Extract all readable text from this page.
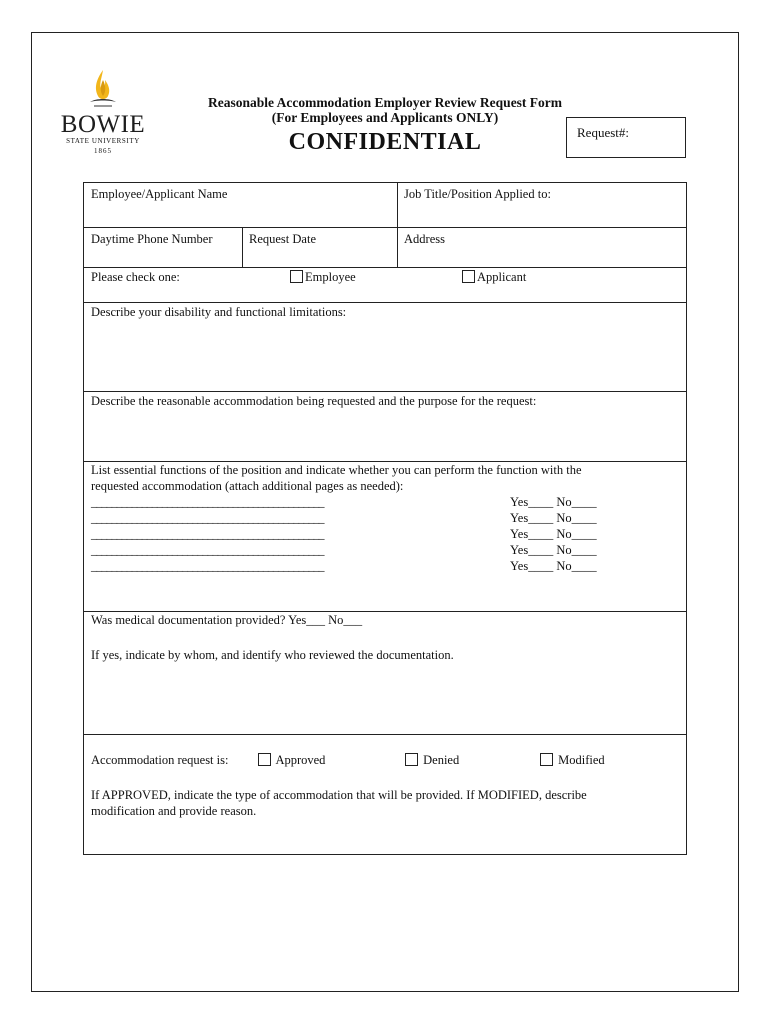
BOWIE
STATE UNIVERSITY
1865
Reasonable Accommodation Employer Review Request Form
(For Employees and Applicants ONLY)
CONFIDENTIAL	Request#:
Employee/Applicant Name	Job Title/Position Applied to:
Daytime Phone Number	Request Date	Address
Please check one:	Employee	Applicant
Describe your disability and functional limitations:
Describe the reasonable accommodation being requested and the purpose for the request:
List essential functions of the position and indicate whether you can perform the function with the
requested accommodation (attach additional pages as needed):
______________________________________________	Yes____ No____
______________________________________________	Yes____ No____
______________________________________________	Yes____ No____
______________________________________________	Yes____ No____
______________________________________________	Yes____ No____
Was medical documentation provided? Yes___ No___
If yes, indicate by whom, and identify who reviewed the documentation.
Accommodation request is:	Approved	Denied	Modified
If APPROVED, indicate the type of accommodation that will be provided. If MODIFIED, describe
modification and provide reason.
